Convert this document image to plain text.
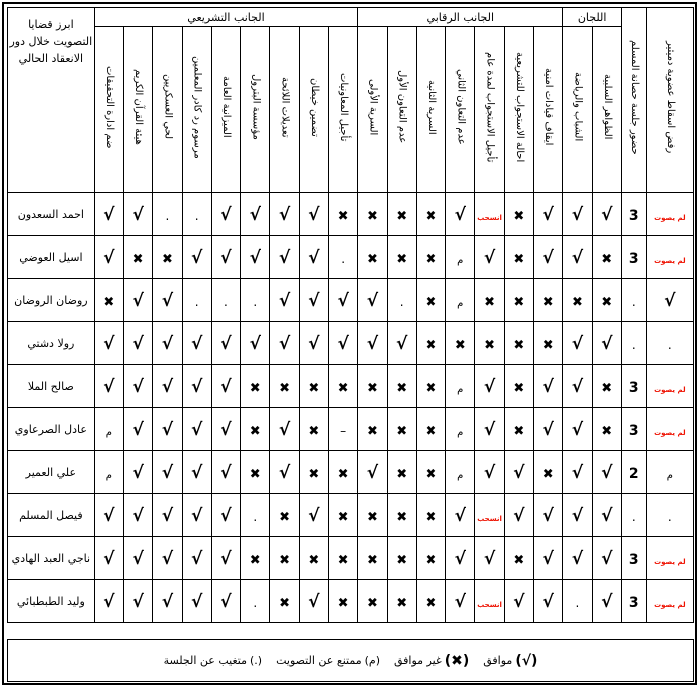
ابرز قضايا التصويت خلال دور الانعقاد الحالي	الجانب التشريعي									الجانب الرقابي							اللجان		حضور جلسة حصانة المسلم	رفض اسقاط عضوية دميثير
	ضم ادارة التحقيقات	هيئة القرآن الكريم	لحي العسكريين	مرسوم رد كادر المعلمين	الميزانية العامة	مؤسسة البترول	تعديلات اللائحة	تضمين خيطان	تأجيل المعاونيات	السرية الأولى	عدم التعاون الأول	السرية الثانية	عدم التعاون الثاني	تأجيل الاستجواب لمدة عام	احالة الاستجواب للتشريعية	ايقاف قيادات امنية	الشباب والرياضة	الظواهر السلبية		
احمد السعدون	√	√	.	.	√	√	√	√	✖	✖	✖	✖	√	انسحب	✖	√	√	√	3	لم يصوت
اسيل العوضي	√	✖	✖	√	√	√	√	√	.	✖	✖	✖	م	√	✖	√	√	✖	3	لم يصوت
روضان الروضان	✖	√	√	.	.	.	√	√	√	√	.	✖	م	✖	✖	✖	✖	✖	.	√
رولا دشتي	√	√	√	√	√	√	√	√	√	√	√	✖	✖	✖	✖	✖	√	√	.	.
صالح الملا	√	√	√	√	√	✖	✖	✖	✖	✖	✖	✖	م	√	✖	√	√	✖	3	لم يصوت
عادل الصرعاوي	م	√	√	√	√	✖	√	✖	–	✖	✖	✖	م	√	✖	√	√	✖	3	لم يصوت
علي العمير	م	√	√	√	√	✖	√	✖	✖	√	✖	✖	م	√	√	✖	√	√	2	م
فيصل المسلم	√	√	√	√	√	.	✖	√	✖	✖	✖	✖	√	انسحب	√	√	√	√	.	.
ناجي العبد الهادي	√	√	√	√	√	✖	✖	✖	✖	✖	✖	✖	√	√	✖	√	√	√	3	لم يصوت
وليد الطبطبائي	√	√	√	√	√	.	✖	√	✖	✖	✖	✖	√	انسحب	√	√	.	√	3	لم يصوت
(√)
موافق
(✖)
غير موافق
(م)
ممتنع عن التصويت
(.)
متغيب عن الجلسة
